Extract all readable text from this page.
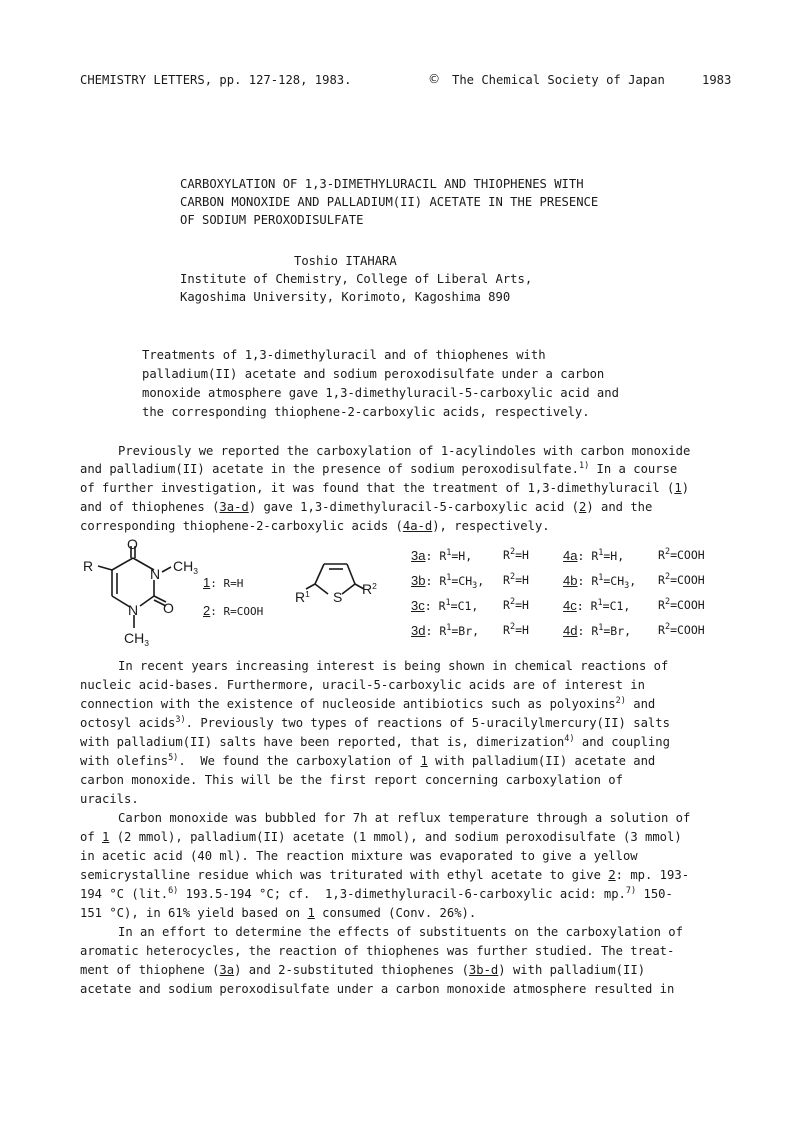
CHEMISTRY LETTERS, pp. 127-128, 1983.	© The Chemical Society of Japan	1983
CARBOXYLATION OF 1,3-DIMETHYLURACIL AND THIOPHENES WITH
CARBON MONOXIDE AND PALLADIUM(II) ACETATE IN THE PRESENCE
OF SODIUM PEROXODISULFATE
Toshio ITAHARA
Institute of Chemistry, College of Liberal Arts,
Kagoshima University, Korimoto, Kagoshima 890
Treatments of 1,3-dimethyluracil and of thiophenes with
palladium(II) acetate and sodium peroxodisulfate under a carbon
monoxide atmosphere gave 1,3-dimethyluracil-5-carboxylic acid and
the corresponding thiophene-2-carboxylic acids, respectively.
Previously we reported the carboxylation of 1-acylindoles with carbon monoxide
and palladium(II) acetate in the presence of sodium peroxodisulfate.$^{1)}$ In a course
of further investigation, it was found that the treatment of 1,3-dimethyluracil (1)
and of thiophenes (3a-d) gave 1,3-dimethyluracil-5-carboxylic acid (2) and the
corresponding thiophene-2-carboxylic acids (4a-d), respectively.
O
R	N $CH_3$
N O
$CH_3$
1: R=H
2: R=COOH
$R^1$ S $R^2$
3a: $R^1=H$,	$R^2=H$	4a: $R^1=H$,	$R^2=COOH$
3b: $R^1=CH_3$, $R^2=H$	4b: $R^1=CH_3$, $R^2=COOH$
3c: $R^1=C1$, $R^2=H$	4c: $R^1=C1$, $R^2=COOH$
3d: $R^1=Br$, $R^2=H$	4d: $R^1=Br$, $R^2=COOH$
In recent years increasing interest is being shown in chemical reactions of
nucleic acid-bases. Furthermore, uracil-5-carboxylic acids are of interest in
connection with the existence of nucleoside antibiotics such as polyoxins$^{2)}$ and
octosyl acids$^{3)}$. Previously two types of reactions of 5-uracilylmercury(II) salts
with palladium(II) salts have been reported, that is, dimerization$^{4)}$ and coupling
with olefins$^{5)}$.  We found the carboxylation of 1 with palladium(II) acetate and
carbon monoxide. This will be the first report concerning carboxylation of
uracils.
Carbon monoxide was bubbled for 7h at reflux temperature through a solution of
of 1 (2 mmol), palladium(II) acetate (1 mmol), and sodium peroxodisulfate (3 mmol)
in acetic acid (40 ml). The reaction mixture was evaporated to give a yellow
semicrystalline residue which was triturated with ethyl acetate to give 2: mp. 193-
194 °C (lit.$^{6)}$ 193.5-194 °C; cf.  1,3-dimethyluracil-6-carboxylic acid: mp.$^{7)}$ 150-
151 °C), in 61% yield based on 1 consumed (Conv. 26%).
In an effort to determine the effects of substituents on the carboxylation of
aromatic heterocycles, the reaction of thiophenes was further studied. The treat-
ment of thiophene (3a) and 2-substituted thiophenes (3b-d) with palladium(II)
acetate and sodium peroxodisulfate under a carbon monoxide atmosphere resulted in
